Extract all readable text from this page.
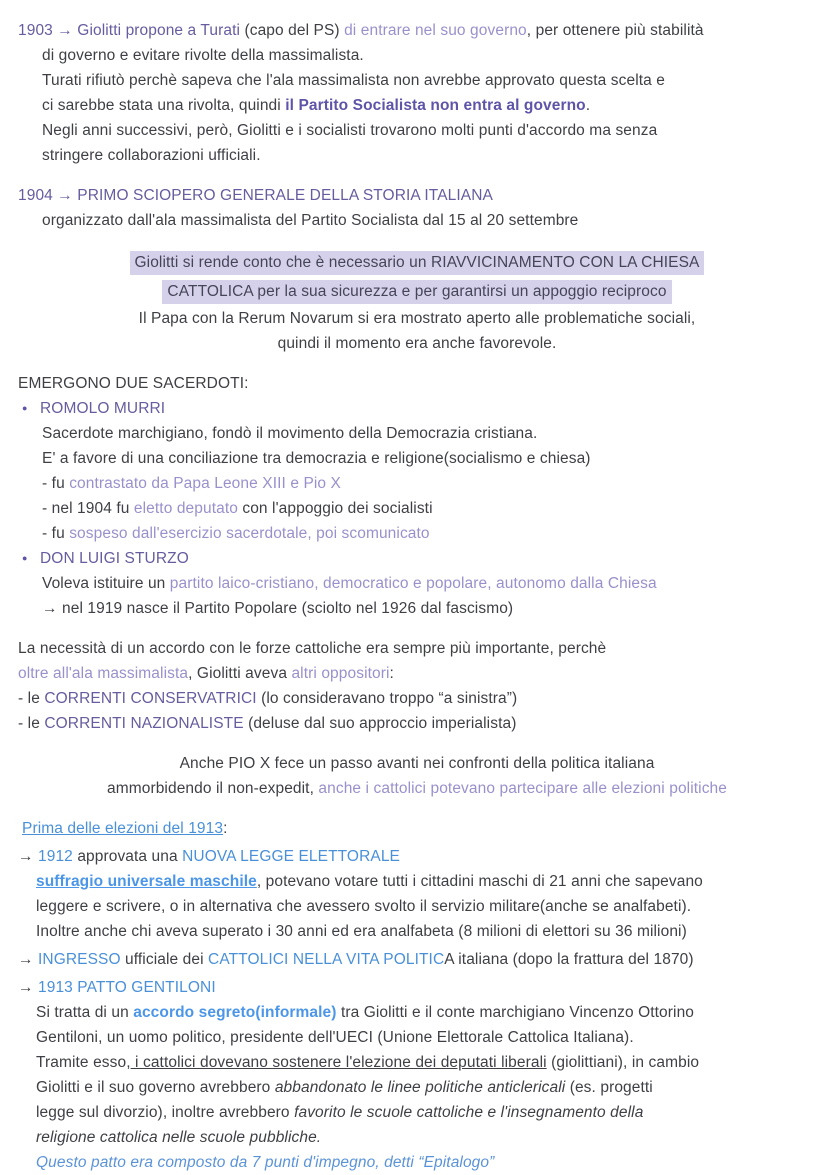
1903 → Giolitti propone a Turati (capo del PS) di entrare nel suo governo, per ottenere più stabilità
di governo e evitare rivolte della massimalista.
Turati rifiutò perchè sapeva che l'ala massimalista non avrebbe approvato questa scelta e
ci sarebbe stata una rivolta, quindi il Partito Socialista non entra al governo.
Negli anni successivi, però, Giolitti e i socialisti trovarono molti punti d'accordo ma senza
stringere collaborazioni ufficiali.
1904 → PRIMO SCIOPERO GENERALE DELLA STORIA ITALIANA
organizzato dall'ala massimalista del Partito Socialista dal 15 al 20 settembre
Giolitti si rende conto che è necessario un RIAVVICINAMENTO CON LA CHIESA
CATTOLICA per la sua sicurezza e per garantirsi un appoggio reciproco
Il Papa con la Rerum Novarum si era mostrato aperto alle problematiche sociali,
quindi il momento era anche favorevole.
EMERGONO DUE SACERDOTI:
● ROMOLO MURRI
Sacerdote marchigiano, fondò il movimento della Democrazia cristiana.
E' a favore di una conciliazione tra democrazia e religione(socialismo e chiesa)
- fu contrastato da Papa Leone XIII e Pio X
- nel 1904 fu eletto deputato con l'appoggio dei socialisti
- fu sospeso dall'esercizio sacerdotale, poi scomunicato
● DON LUIGI STURZO
Voleva istituire un partito laico-cristiano, democratico e popolare, autonomo dalla Chiesa
→ nel 1919 nasce il Partito Popolare (sciolto nel 1926 dal fascismo)
La necessità di un accordo con le forze cattoliche era sempre più importante, perchè
oltre all'ala massimalista, Giolitti aveva altri oppositori:
- le CORRENTI CONSERVATRICI (lo consideravano troppo “a sinistra”)
- le CORRENTI NAZIONALISTE (deluse dal suo approccio imperialista)
Anche PIO X fece un passo avanti nei confronti della politica italiana
ammorbidendo il non-expedit, anche i cattolici potevano partecipare alle elezioni politiche
Prima delle elezioni del 1913:
→ 1912 approvata una NUOVA LEGGE ELETTORALE
suffragio universale maschile, potevano votare tutti i cittadini maschi di 21 anni che sapevano
leggere e scrivere, o in alternativa che avessero svolto il servizio militare(anche se analfabeti).
Inoltre anche chi aveva superato i 30 anni ed era analfabeta (8 milioni di elettori su 36 milioni)
→ INGRESSO ufficiale dei CATTOLICI NELLA VITA POLITICA italiana (dopo la frattura del 1870)
→ 1913 PATTO GENTILONI
Si tratta di un accordo segreto(informale) tra Giolitti e il conte marchigiano Vincenzo Ottorino
Gentiloni, un uomo politico, presidente dell'UECI (Unione Elettorale Cattolica Italiana).
Tramite esso, i cattolici dovevano sostenere l'elezione dei deputati liberali (giolittiani), in cambio
Giolitti e il suo governo avrebbero abbandonato le linee politiche anticlericali (es. progetti
legge sul divorzio), inoltre avrebbero favorito le scuole cattoliche e l'insegnamento della
religione cattolica nelle scuole pubbliche.
Questo patto era composto da 7 punti d'impegno, detti “Epitalogo”
